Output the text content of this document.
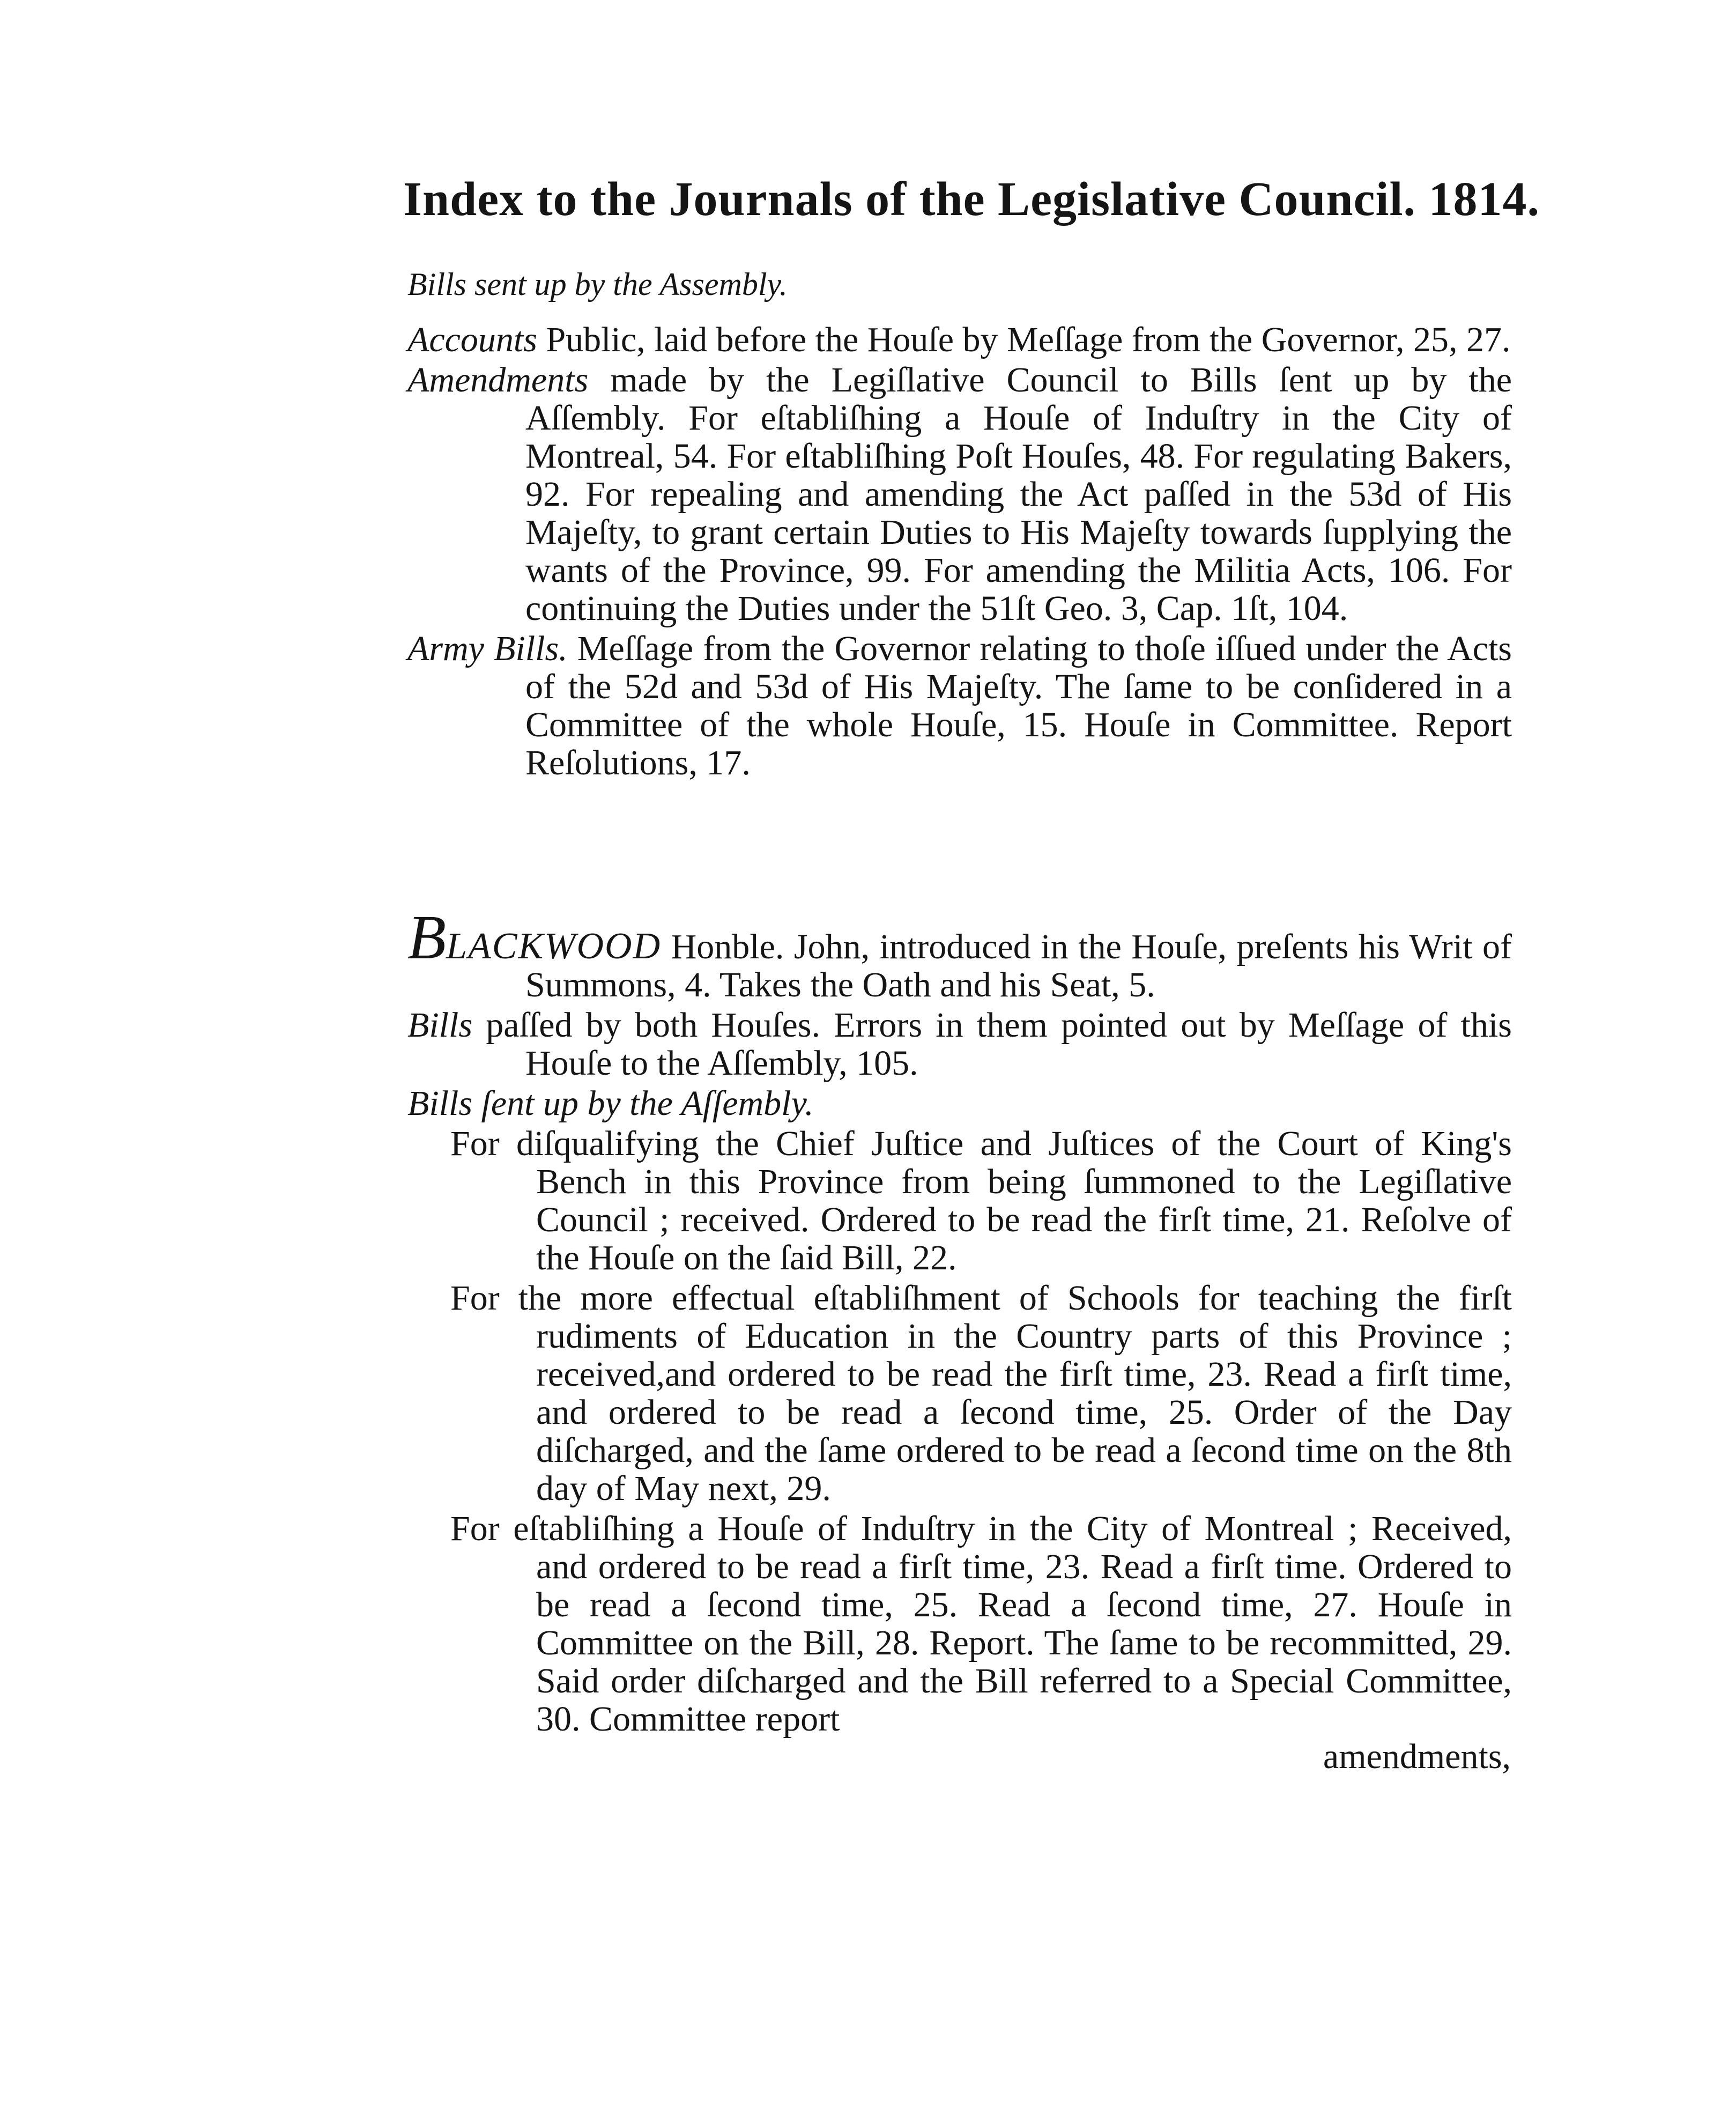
Index to the Journals of the Legislative Council. 1814.
Bills sent up by the Assembly.

Accounts Public, laid before the Houſe by Meſſage from the Governor, 25, 27.

Amendments made by the Legiſlative Council to Bills ſent up by the Aſſembly. For eſtabliſhing a Houſe of Induſtry in the City of Montreal, 54. For eſtabliſhing Poſt Houſes, 48. For regulating Bakers, 92. For repealing and amending the Act paſſed in the 53d of His Majeſty, to grant certain Duties to His Majeſty towards ſupplying the wants of the Province, 99. For amending the Militia Acts, 106. For continuing the Duties under the 51ſt Geo. 3, Cap. 1ſt, 104.

Army Bills. Meſſage from the Governor relating to thoſe iſſued under the Acts of the 52d and 53d of His Majeſty. The ſame to be conſidered in a Committee of the whole Houſe, 15. Houſe in Committee. Report Reſolutions, 17.

BLACKWOOD Honble. John, introduced in the Houſe, preſents his Writ of Summons, 4. Takes the Oath and his Seat, 5.

Bills paſſed by both Houſes. Errors in them pointed out by Meſſage of this Houſe to the Aſſembly, 105.

Bills ſent up by the Aſſembly.

For diſqualifying the Chief Juſtice and Juſtices of the Court of King's Bench in this Province from being ſummoned to the Legiſlative Council ; received. Ordered to be read the firſt time, 21. Reſolve of the Houſe on the ſaid Bill, 22.

For the more effectual eſtabliſhment of Schools for teaching the firſt rudiments of Education in the Country parts of this Province ; received,and ordered to be read the firſt time, 23. Read a firſt time, and ordered to be read a ſecond time, 25. Order of the Day diſcharged, and the ſame ordered to be read a ſecond time on the 8th day of May next, 29.

For eſtabliſhing a Houſe of Induſtry in the City of Montreal ; Received, and ordered to be read a firſt time, 23. Read a firſt time. Ordered to be read a ſecond time, 25. Read a ſecond time, 27. Houſe in Committee on the Bill, 28. Report. The ſame to be recommitted, 29. Said order diſcharged and the Bill referred to a Special Committee, 30. Committee report

amendments,
